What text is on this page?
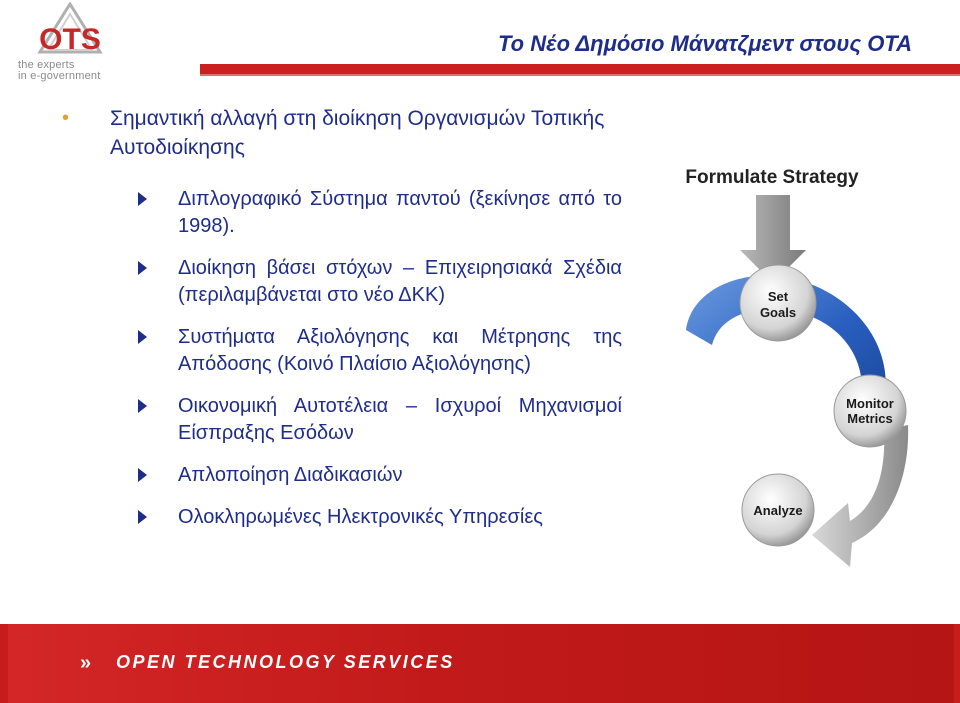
OTS
the experts
in e-government
Το Νέο Δημόσιο Μάνατζμεντ στους ΟΤΑ
• Σημαντική αλλαγή στη διοίκηση Οργανισμών Τοπικής Αυτοδιοίκησης
Διπλογραφικό Σύστημα παντού (ξεκίνησε από το 1998).
Διοίκηση βάσει στόχων – Επιχειρησιακά Σχέδια (περιλαμβάνεται στο νέο ΔΚΚ)
Συστήματα Αξιολόγησης και Μέτρησης της Απόδοσης (Κοινό Πλαίσιο Αξιολόγησης)
Οικονομική Αυτοτέλεια – Ισχυροί Μηχανισμοί Είσπραξης Εσόδων
Απλοποίηση Διαδικασιών
Ολοκληρωμένες Ηλεκτρονικές Υπηρεσίες
Formulate Strategy
Set
Goals
Monitor
Metrics
Analyze
» OPEN TECHNOLOGY SERVICES
